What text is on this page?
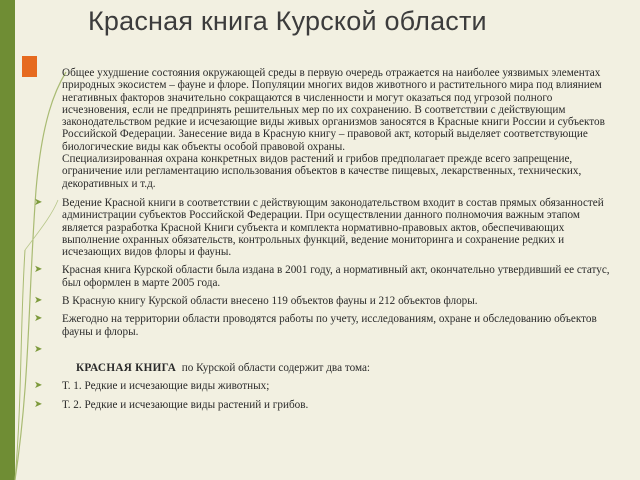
Красная книга Курской области

Общее ухудшение состояния окружающей среды в первую очередь отражается на наиболее уязвимых элементах природных экосистем – фауне и флоре. Популяции многих видов животного и растительного мира под влиянием негативных факторов значительно сокращаются в численности и могут оказаться под угрозой полного исчезновения, если не предпринять решительных мер по их сохранению. В соответствии с действующим законодательством редкие и исчезающие виды живых организмов заносятся в Красные книги России и субъектов Российской Федерации. Занесение вида в Красную книгу – правовой акт, который выделяет соответствующие биологические виды как объекты особой правовой охраны.

Специализированная охрана конкретных видов растений и грибов предполагает прежде всего запрещение, ограничение или регламентацию использования объектов в качестве пищевых, лекарственных, технических, декоративных и т.д.

➤ Ведение Красной книги в соответствии с действующим законодательством входит в состав прямых обязанностей администрации субъектов Российской Федерации. При осуществлении данного полномочия важным этапом является разработка Красной Книги субъекта и комплекта нормативно-правовых актов, обеспечивающих выполнение охранных обязательств, контрольных функций, ведение мониторинга и сохранение редких и исчезающих видов флоры и фауны.
➤ Красная книга Курской области была издана в 2001 году, а нормативный акт, окончательно утвердивший ее статус, был оформлен в марте 2005 года.
➤ В Красную книгу Курской области внесено 119 объектов фауны и 212 объектов флоры.
➤ Ежегодно на территории области проводятся работы по учету, исследованиям, охране и обследованию объектов фауны и флоры.
➤
КРАСНАЯ КНИГА по Курской области содержит два тома:
➤ Т. 1. Редкие и исчезающие виды животных;
➤ Т. 2. Редкие и исчезающие виды растений и грибов.
